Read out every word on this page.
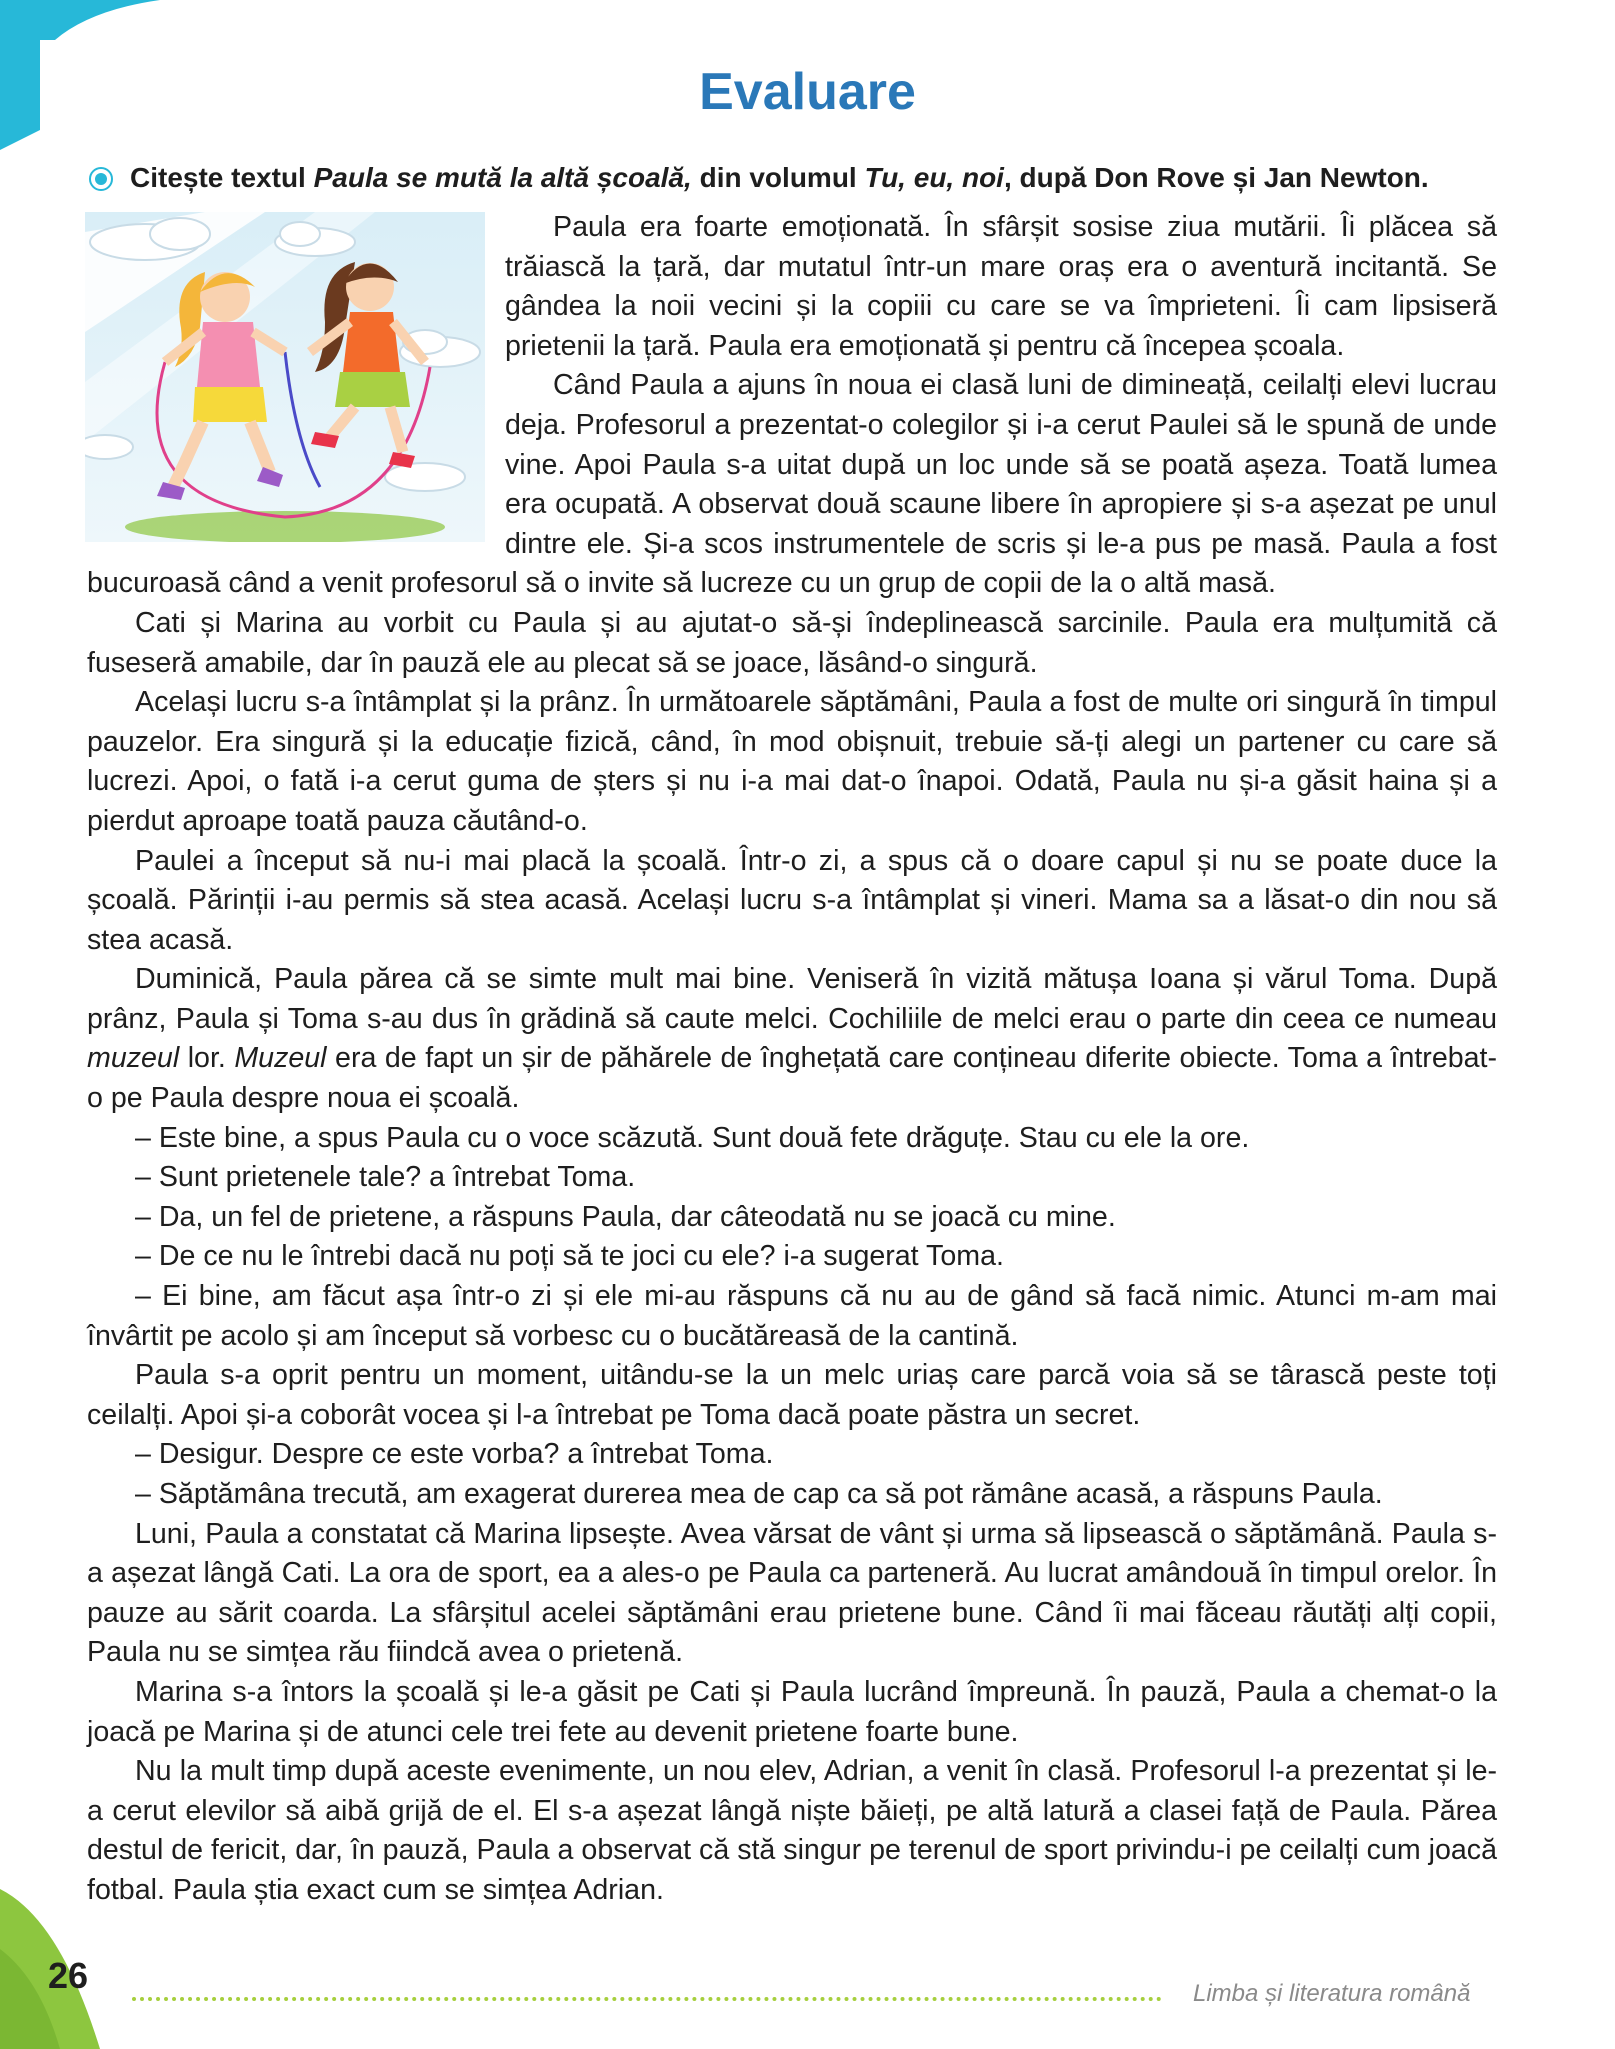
Evaluare
Citește textul Paula se mută la altă școală, din volumul Tu, eu, noi, după Don Rove și Jan Newton.

Paula era foarte emoționată. În sfârșit sosise ziua mutării. Îi plăcea să trăiască la țară, dar mutatul într-un mare oraș era o aventură incitantă. Se gândea la noii vecini și la copiii cu care se va împrieteni. Îi cam lipsiseră prietenii la țară. Paula era emoționată și pentru că începea școala.

Când Paula a ajuns în noua ei clasă luni de dimineață, ceilalți elevi lucrau deja. Profesorul a prezentat-o colegilor și i-a cerut Paulei să le spună de unde vine. Apoi Paula s-a uitat după un loc unde să se poată așeza. Toată lumea era ocupată. A observat două scaune libere în apropiere și s-a așezat pe unul dintre ele. Și-a scos instrumentele de scris și le-a pus pe masă. Paula a fost bucuroasă când a venit profesorul să o invite să lucreze cu un grup de copii de la o altă masă.

Cati și Marina au vorbit cu Paula și au ajutat-o să-și îndeplinească sarcinile. Paula era mulțumită că fuseseră amabile, dar în pauză ele au plecat să se joace, lăsând-o singură.

Același lucru s-a întâmplat și la prânz. În următoarele săptămâni, Paula a fost de multe ori singură în timpul pauzelor. Era singură și la educație fizică, când, în mod obișnuit, trebuie să-ți alegi un partener cu care să lucrezi. Apoi, o fată i-a cerut guma de șters și nu i-a mai dat-o înapoi. Odată, Paula nu și-a găsit haina și a pierdut aproape toată pauza căutând-o.

Paulei a început să nu-i mai placă la școală. Într-o zi, a spus că o doare capul și nu se poate duce la școală. Părinții i-au permis să stea acasă. Același lucru s-a întâmplat și vineri. Mama sa a lăsat-o din nou să stea acasă.

Duminică, Paula părea că se simte mult mai bine. Veniseră în vizită mătușa Ioana și vărul Toma. După prânz, Paula și Toma s-au dus în grădină să caute melci. Cochiliile de melci erau o parte din ceea ce numeau muzeul lor. Muzeul era de fapt un șir de păhărele de înghețată care conțineau diferite obiecte. Toma a întrebat-o pe Paula despre noua ei școală.

– Este bine, a spus Paula cu o voce scăzută. Sunt două fete drăguțe. Stau cu ele la ore.

– Sunt prietenele tale? a întrebat Toma.

– Da, un fel de prietene, a răspuns Paula, dar câteodată nu se joacă cu mine.

– De ce nu le întrebi dacă nu poți să te joci cu ele? i-a sugerat Toma.

– Ei bine, am făcut așa într-o zi și ele mi-au răspuns că nu au de gând să facă nimic. Atunci m-am mai învârtit pe acolo și am început să vorbesc cu o bucătăreasă de la cantină.

Paula s-a oprit pentru un moment, uitându-se la un melc uriaș care parcă voia să se târască peste toți ceilalți. Apoi și-a coborât vocea și l-a întrebat pe Toma dacă poate păstra un secret.

– Desigur. Despre ce este vorba? a întrebat Toma.

– Săptămâna trecută, am exagerat durerea mea de cap ca să pot rămâne acasă, a răspuns Paula.

Luni, Paula a constatat că Marina lipsește. Avea vărsat de vânt și urma să lipsească o săptămână. Paula s-a așezat lângă Cati. La ora de sport, ea a ales-o pe Paula ca parteneră. Au lucrat amândouă în timpul orelor. În pauze au sărit coarda. La sfârșitul acelei săptămâni erau prietene bune. Când îi mai făceau răutăți alți copii, Paula nu se simțea rău fiindcă avea o prietenă.

Marina s-a întors la școală și le-a găsit pe Cati și Paula lucrând împreună. În pauză, Paula a chemat-o la joacă pe Marina și de atunci cele trei fete au devenit prietene foarte bune.

Nu la mult timp după aceste evenimente, un nou elev, Adrian, a venit în clasă. Profesorul l-a prezentat și le-a cerut elevilor să aibă grijă de el. El s-a așezat lângă niște băieți, pe altă latură a clasei față de Paula. Părea destul de fericit, dar, în pauză, Paula a observat că stă singur pe terenul de sport privindu-i pe ceilalți cum joacă fotbal. Paula știa exact cum se simțea Adrian.

26	Limba și literatura română
